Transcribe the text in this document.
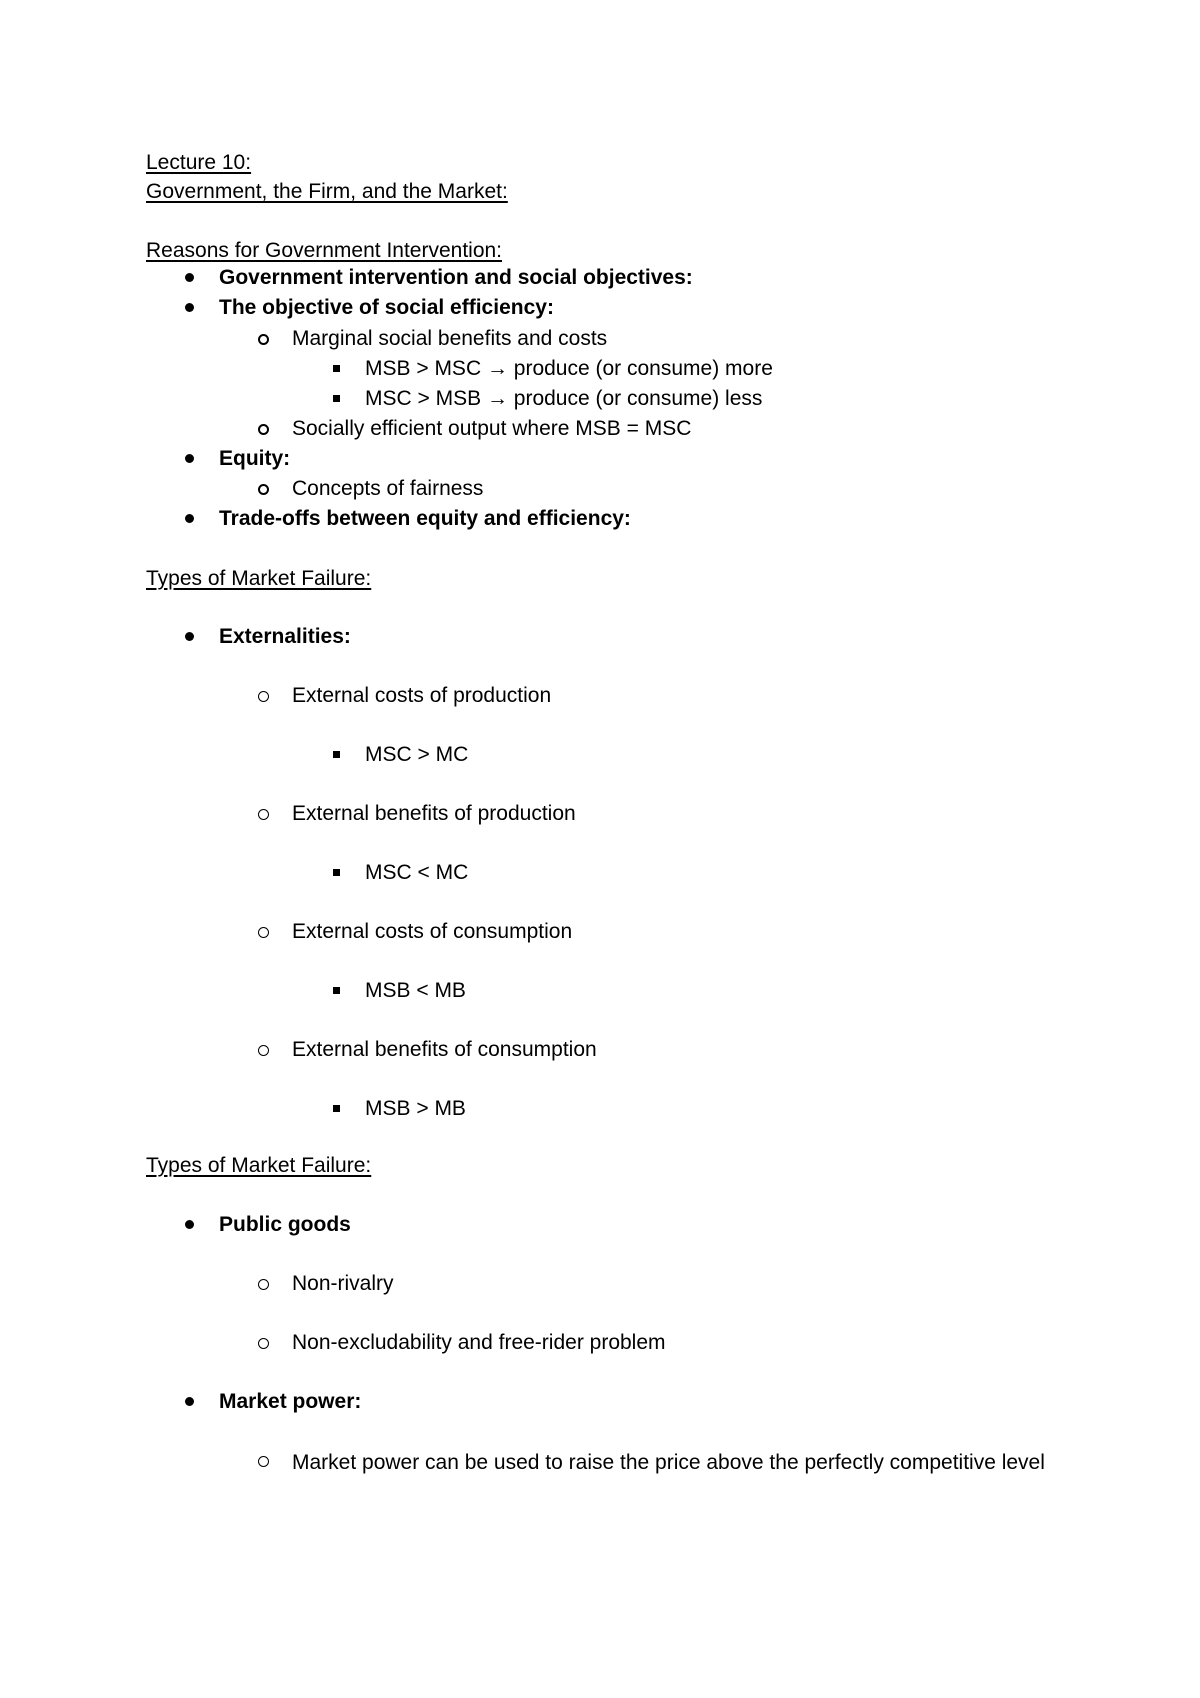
Lecture 10:
Government, the Firm, and the Market:
Reasons for Government Intervention:
Government intervention and social objectives:
The objective of social efficiency:
Marginal social benefits and costs
MSB > MSC → produce (or consume) more
MSC > MSB → produce (or consume) less
Socially efficient output where MSB = MSC
Equity:
Concepts of fairness
Trade-offs between equity and efficiency:
Types of Market Failure:
Externalities:
External costs of production
MSC > MC
External benefits of production
MSC < MC
External costs of consumption
MSB < MB
External benefits of consumption
MSB > MB
Types of Market Failure:
Public goods
Non-rivalry
Non-excludability and free-rider problem
Market power:
Market power can be used to raise the price above the perfectly competitive level
